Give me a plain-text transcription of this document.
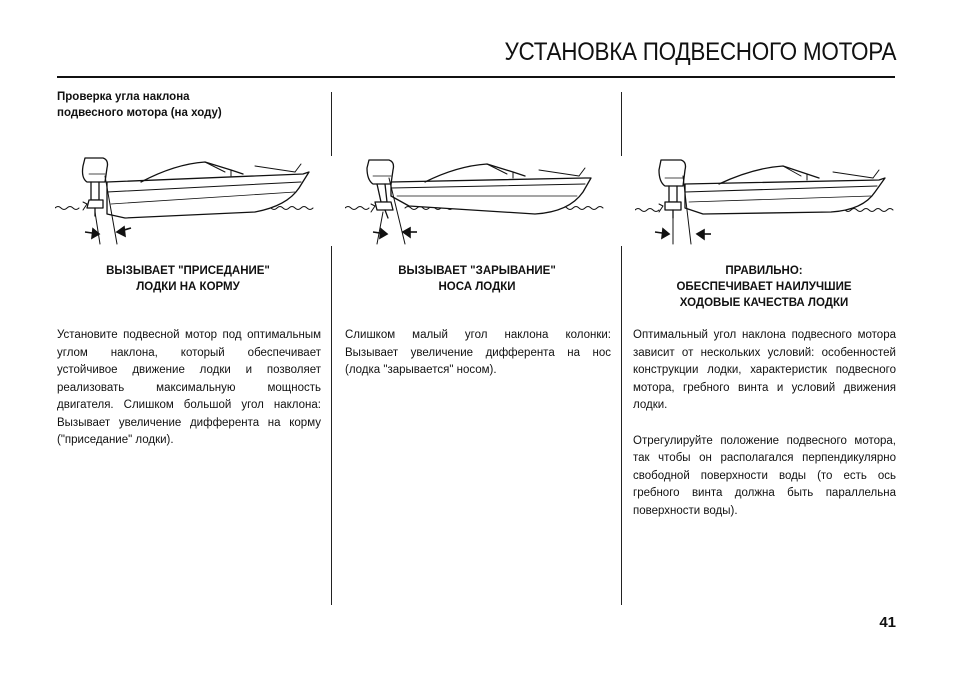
УСТАНОВКА ПОДВЕСНОГО МОТОРА
Проверка угла наклона
подвесного мотора (на ходу)
ВЫЗЫВАЕТ "ПРИСЕДАНИЕ"
ЛОДКИ НА КОРМУ
ВЫЗЫВАЕТ "ЗАРЫВАНИЕ"
НОСА ЛОДКИ
ПРАВИЛЬНО:
ОБЕСПЕЧИВАЕТ НАИЛУЧШИЕ
ХОДОВЫЕ КАЧЕСТВА ЛОДКИ

Установите подвесной мотор под оптимальным углом наклона, который обеспечивает устойчивое движение лодки и позволяет реализовать максимальную мощность двигателя. Слишком большой угол наклона: Вызывает увеличение дифферента на корму ("приседание" лодки).

Слишком малый угол наклона колонки: Вызывает увеличение дифферента на нос (лодка "зарывается" носом).

Оптимальный угол наклона подвесного мотора зависит от нескольких условий: особенностей конструкции лодки, характеристик подвесного мотора, гребного винта и условий движения лодки.

Отрегулируйте положение подвесного мотора, так чтобы он располагался перпендикулярно свободной поверхности воды (то есть ось гребного винта должна быть параллельна поверхности воды).

41
